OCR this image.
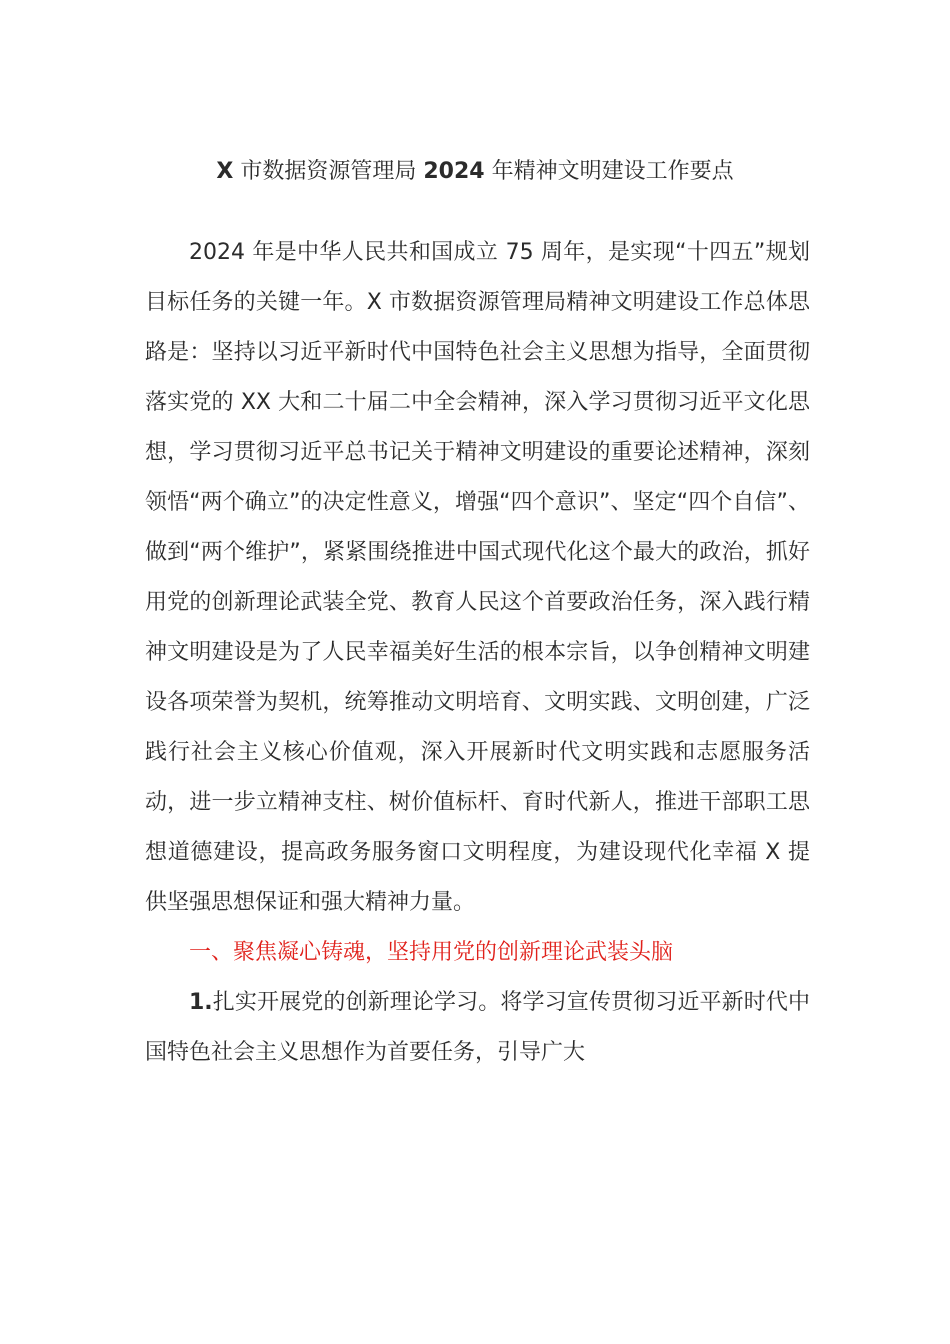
X 市数据资源管理局 2024 年精神文明建设工作要点

2024 年是中华人民共和国成立 75 周年，是实现“十四五”规划目标任务的关键一年。X 市数据资源管理局精神文明建设工作总体思路是：坚持以习近平新时代中国特色社会主义思想为指导，全面贯彻落实党的 XX 大和二十届二中全会精神，深入学习贯彻习近平文化思想，学习贯彻习近平总书记关于精神文明建设的重要论述精神，深刻领悟“两个确立”的决定性意义，增强“四个意识”、坚定“四个自信”、做到“两个维护”，紧紧围绕推进中国式现代化这个最大的政治，抓好用党的创新理论武装全党、教育人民这个首要政治任务，深入践行精神文明建设是为了人民幸福美好生活的根本宗旨，以争创精神文明建设各项荣誉为契机，统筹推动文明培育、文明实践、文明创建，广泛践行社会主义核心价值观，深入开展新时代文明实践和志愿服务活动，进一步立精神支柱、树价值标杆、育时代新人，推进干部职工思想道德建设，提高政务服务窗口文明程度，为建设现代化幸福 X 提供坚强思想保证和强大精神力量。

一、聚焦凝心铸魂，坚持用党的创新理论武装头脑

1.扎实开展党的创新理论学习。将学习宣传贯彻习近平新时代中国特色社会主义思想作为首要任务，引导广大
